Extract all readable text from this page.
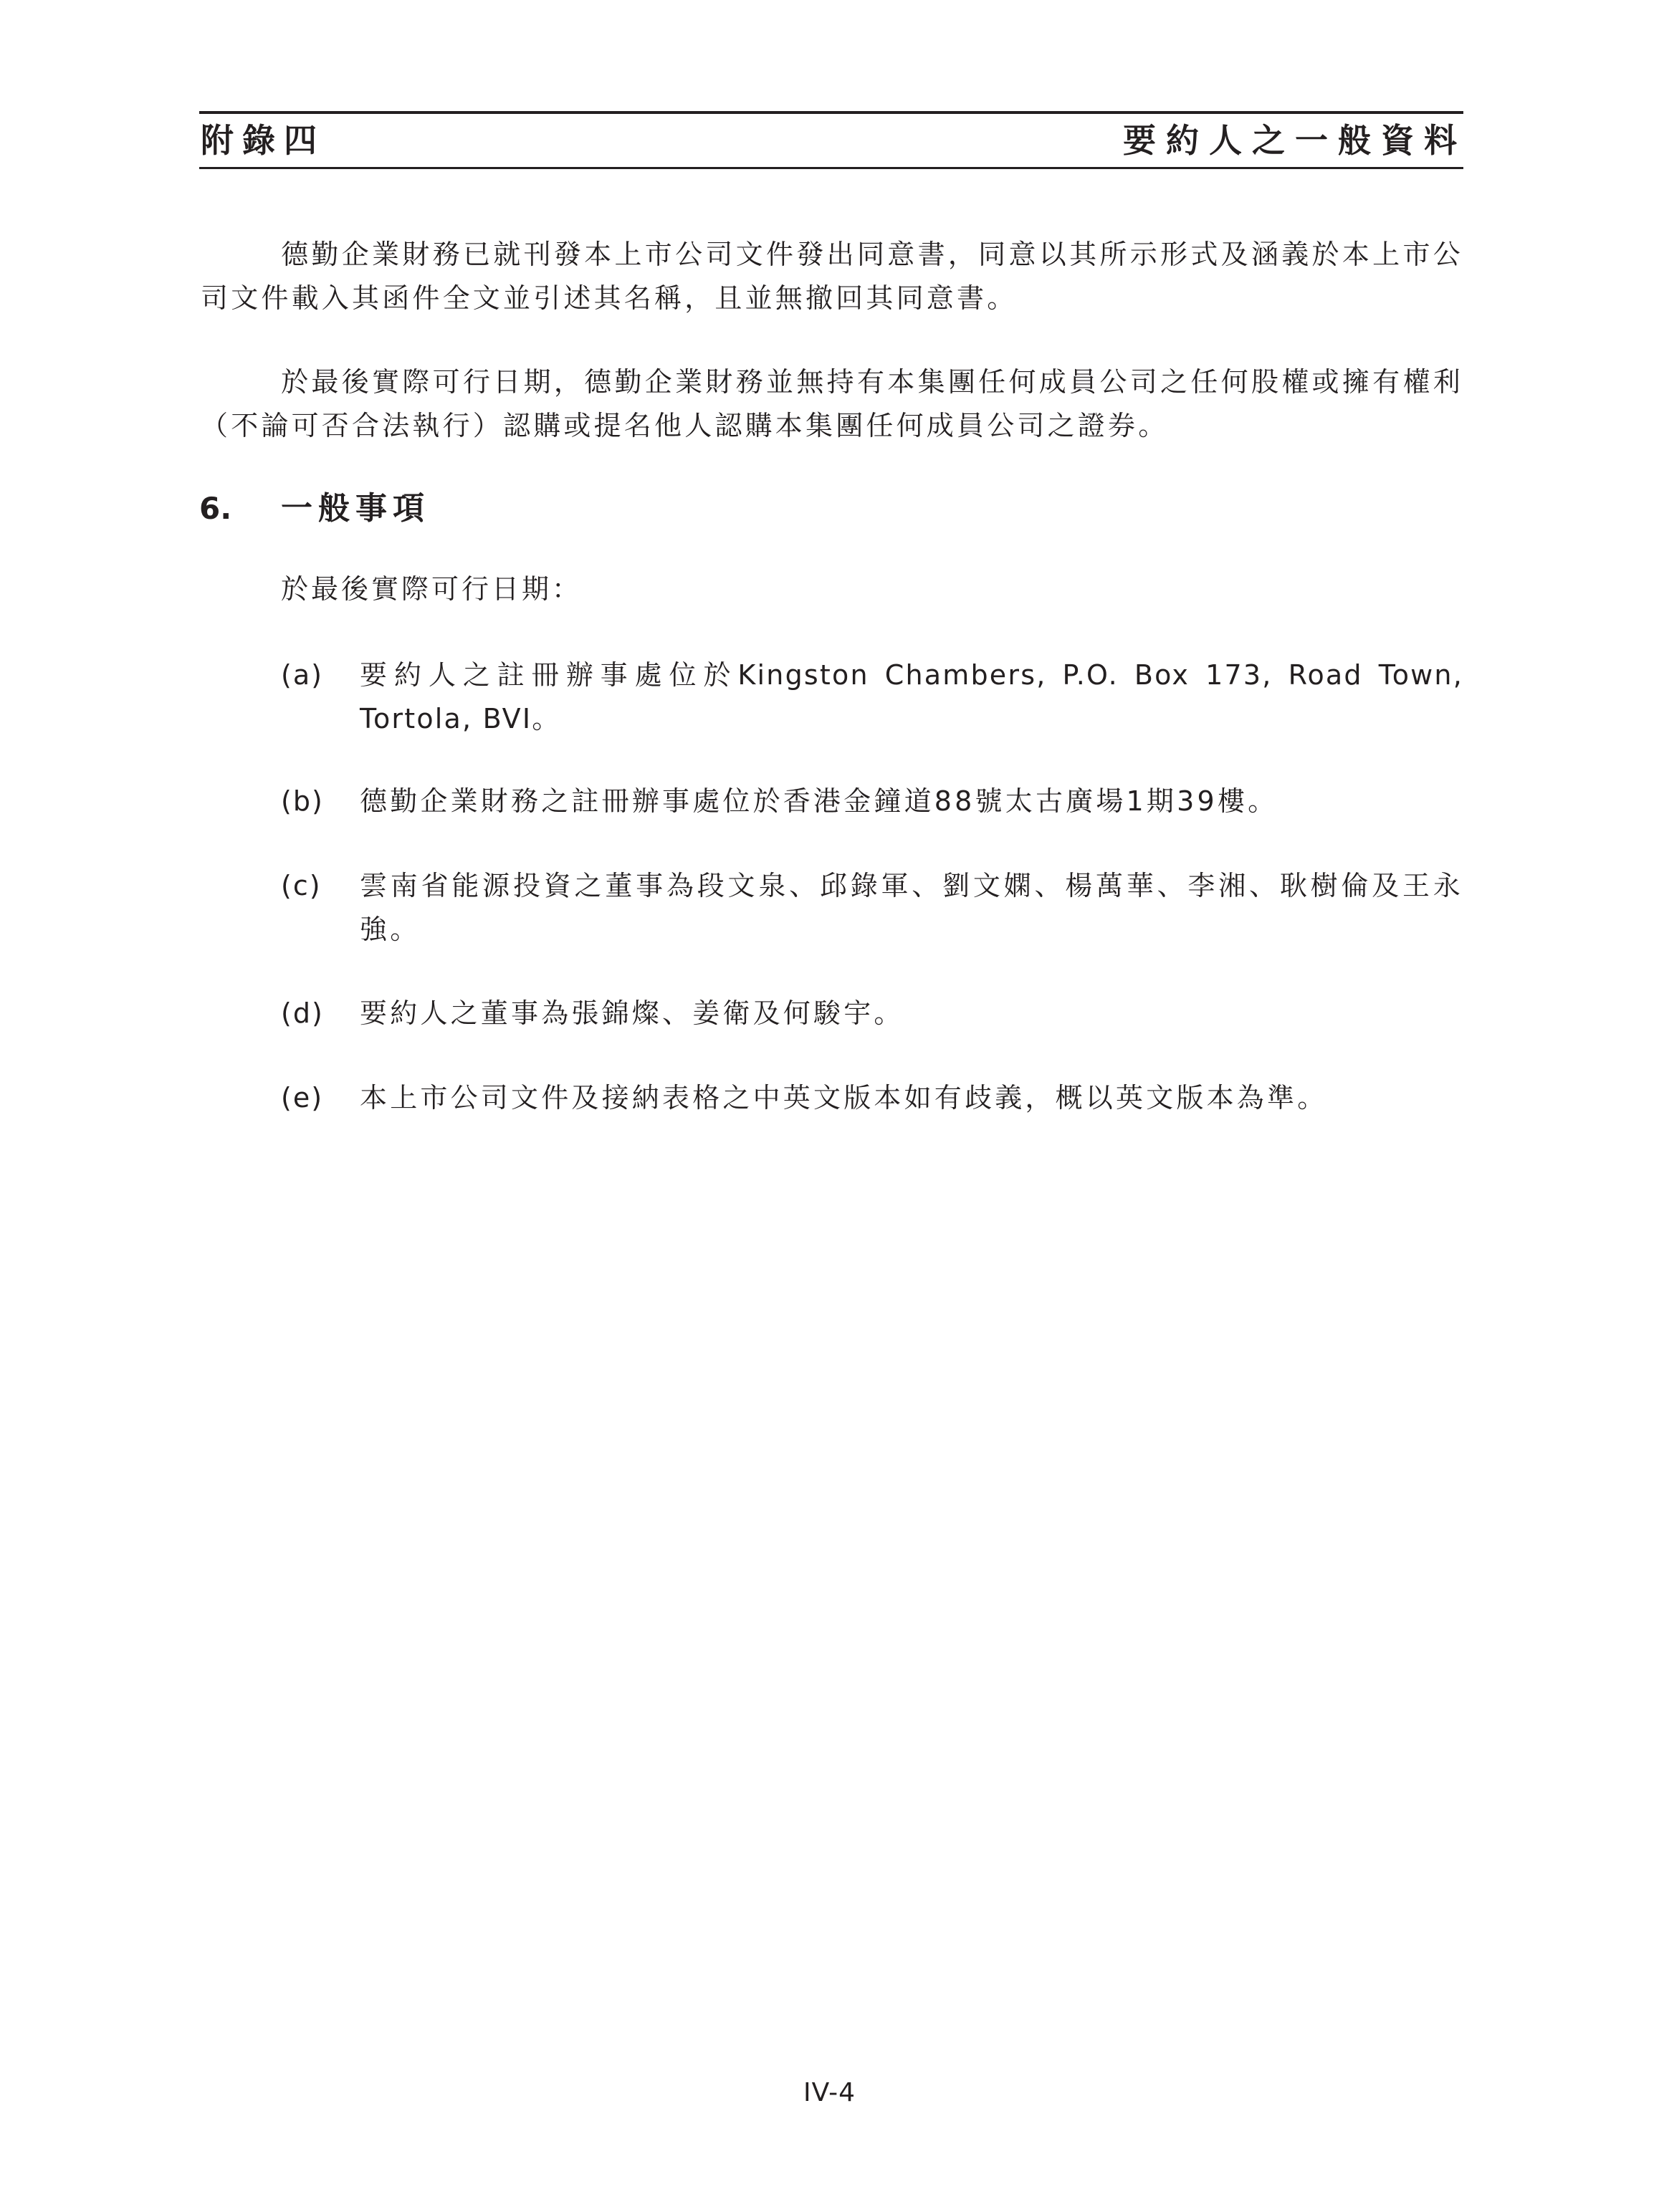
附錄四	要約人之一般資料
德勤企業財務已就刊發本上市公司文件發出同意書，同意以其所示形式及涵義於本上市公司文件載入其函件全文並引述其名稱，且並無撤回其同意書。
於最後實際可行日期，德勤企業財務並無持有本集團任何成員公司之任何股權或擁有權利（不論可否合法執行）認購或提名他人認購本集團任何成員公司之證券。
6. 一般事項
於最後實際可行日期：
(a) 要約人之註冊辦事處位於Kingston Chambers, P.O. Box 173, Road Town, Tortola, BVI。
(b) 德勤企業財務之註冊辦事處位於香港金鐘道88號太古廣場1期39樓。
(c) 雲南省能源投資之董事為段文泉、邱錄軍、劉文嫻、楊萬華、李湘、耿樹倫及王永強。
(d) 要約人之董事為張錦燦、姜衛及何駿宇。
(e) 本上市公司文件及接納表格之中英文版本如有歧義，概以英文版本為準。
IV-4
